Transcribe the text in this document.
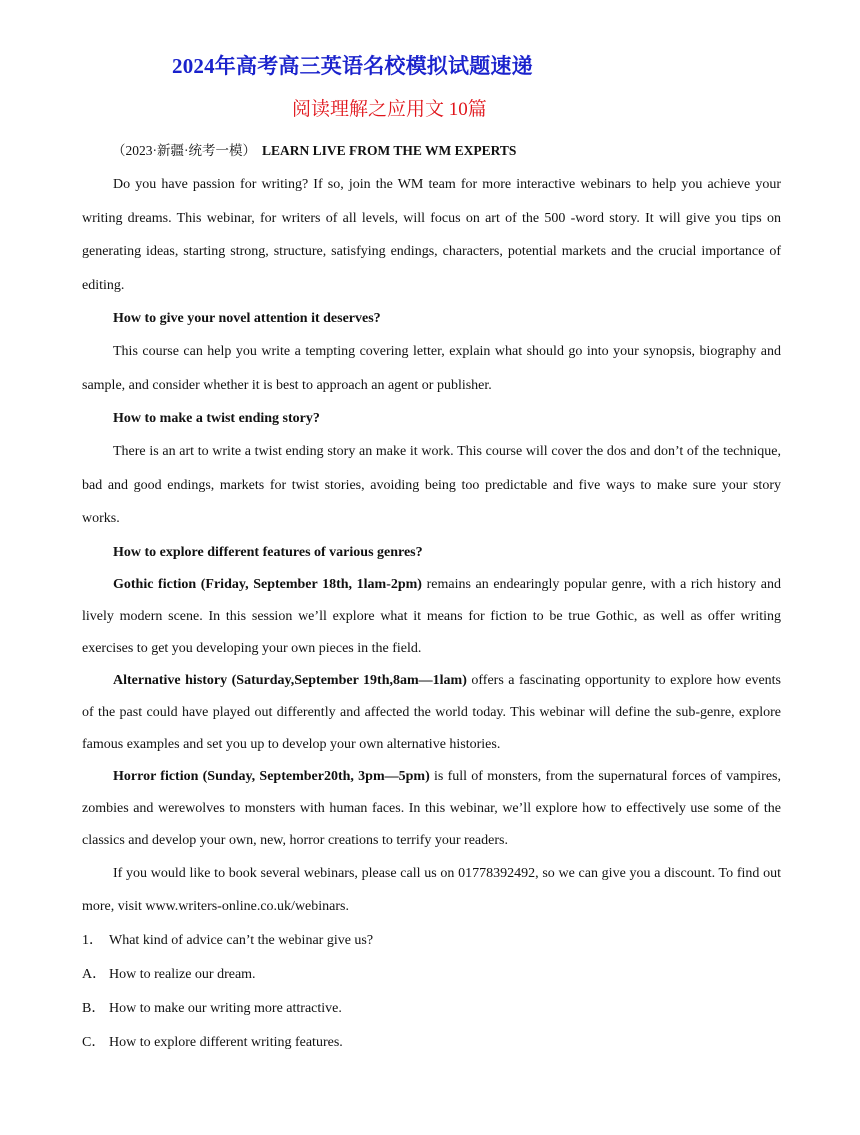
2024年高考高三英语名校模拟试题速递
阅读理解之应用文 10篇
（2023·新疆·统考一模） LEARN LIVE FROM THE WM EXPERTS

Do you have passion for writing? If so, join the WM team for more interactive webinars to help you achieve your writing dreams. This webinar, for writers of all levels, will focus on art of the 500 -word story. It will give you tips on generating ideas, starting strong, structure, satisfying endings, characters, potential markets and the crucial importance of editing.

How to give your novel attention it deserves?

This course can help you write a tempting covering letter, explain what should go into your synopsis, biography and sample, and consider whether it is best to approach an agent or publisher.

How to make a twist ending story?

There is an art to write a twist ending story an make it work. This course will cover the dos and don’t of the technique, bad and good endings, markets for twist stories, avoiding being too predictable and five ways to make sure your story works.

How to explore different features of various genres?

Gothic fiction (Friday, September 18th, 1lam-2pm) remains an endearingly popular genre, with a rich history and lively modern scene. In this session we’ll explore what it means for fiction to be true Gothic, as well as offer writing exercises to get you developing your own pieces in the field.

Alternative history (Saturday,September 19th,8am—1lam) offers a fascinating opportunity to explore how events of the past could have played out differently and affected the world today. This webinar will define the sub-genre, explore famous examples and set you up to develop your own alternative histories.

Horror fiction (Sunday, September20th, 3pm—5pm) is full of monsters, from the supernatural forces of vampires, zombies and werewolves to monsters with human faces. In this webinar, we’ll explore how to effectively use some of the classics and develop your own, new, horror creations to terrify your readers.

If you would like to book several webinars, please call us on 01778392492, so we can give you a discount. To find out more, visit www.writers-online.co.uk/webinars.

1． What kind of advice can’t the webinar give us?

A． How to realize our dream.

B． How to make our writing more attractive.

C． How to explore different writing features.
